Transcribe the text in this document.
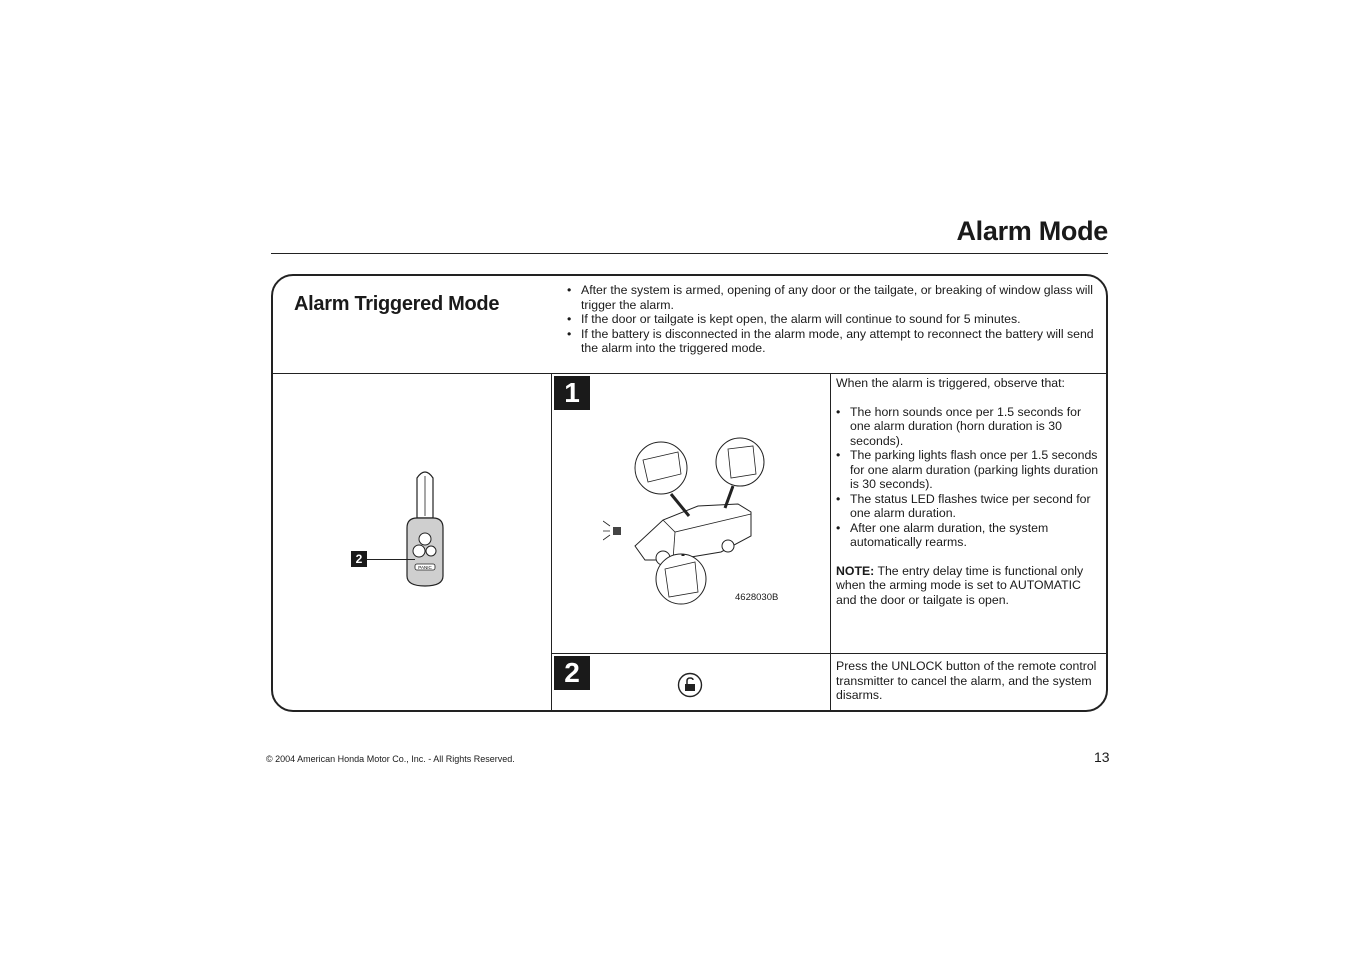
Alarm Mode
Alarm Triggered Mode
• After the system is armed, opening of any door or the tailgate, or breaking of window glass will trigger the alarm.
• If the door or tailgate is kept open, the alarm will continue to sound for 5 minutes.
• If the battery is disconnected in the alarm mode, any attempt to reconnect the battery will send the alarm into the triggered mode.
PANIC
2
1

4628030B

When the alarm is triggered, observe that:

• The horn sounds once per 1.5 seconds for one alarm duration (horn duration is 30 seconds).
• The parking lights flash once per 1.5 seconds for one alarm duration (parking lights duration is 30 seconds).
• The status LED flashes twice per second for one alarm duration.
• After one alarm duration, the system automatically rearms.

NOTE: The entry delay time is functional only when the arming mode is set to AUTOMATIC and the door or tailgate is open.

2	Press the UNLOCK button of the remote control transmitter to cancel the alarm, and the system disarms.

© 2004 American Honda Motor Co., Inc. - All Rights Reserved.	13
